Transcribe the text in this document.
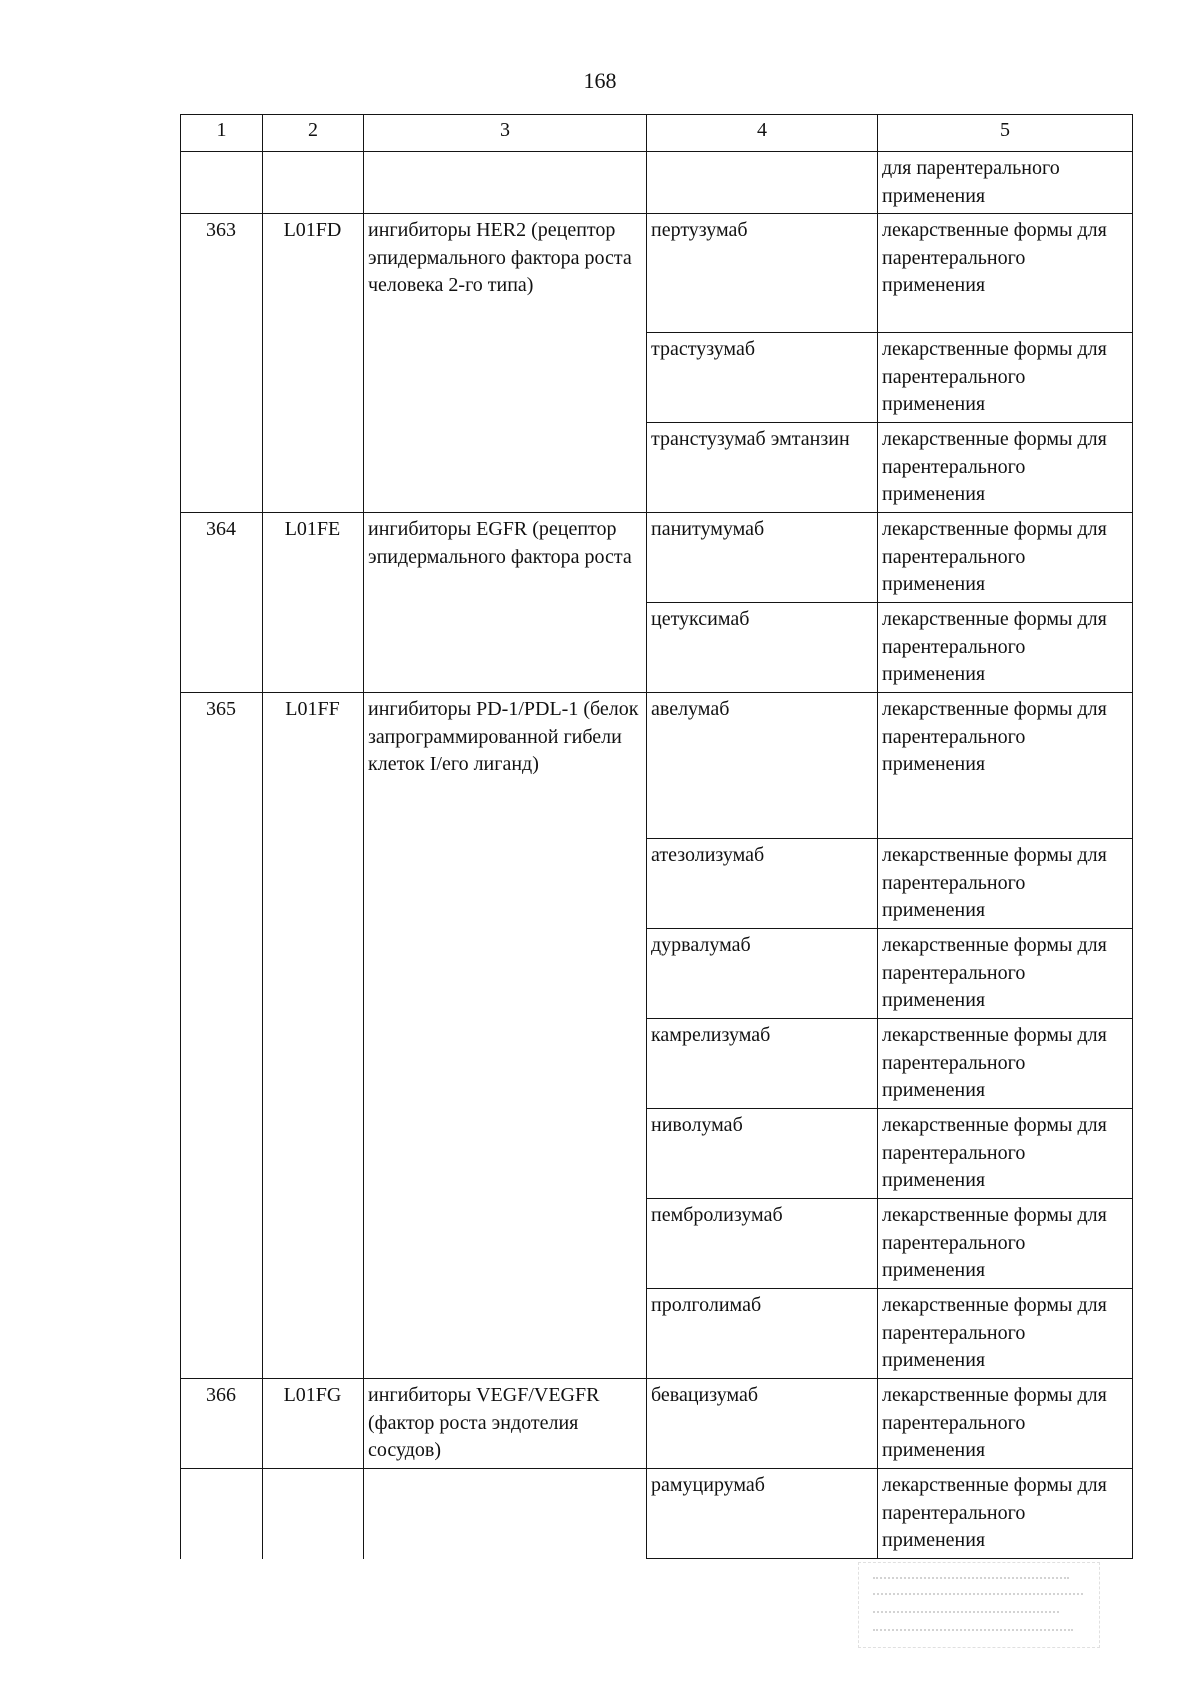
168
1	2	3	4	5
				для парентерального применения
363	L01FD	ингибиторы HER2 (рецептор эпидермального фактора роста человека 2-го типа)	пертузумаб	лекарственные формы для парентерального применения
			трастузумаб	лекарственные формы для парентерального применения
			транстузумаб эмтанзин	лекарственные формы для парентерального применения
364	L01FE	ингибиторы EGFR (рецептор эпидермального фактора роста	панитумумаб	лекарственные формы для парентерального применения
			цетуксимаб	лекарственные формы для парентерального применения
365	L01FF	ингибиторы PD-1/PDL-1 (белок запрограммированной гибели клеток I/его лиганд)	авелумаб	лекарственные формы для парентерального применения
			атезолизумаб	лекарственные формы для парентерального применения
			дурвалумаб	лекарственные формы для парентерального применения
			камрелизумаб	лекарственные формы для парентерального применения
			ниволумаб	лекарственные формы для парентерального применения
			пембролизумаб	лекарственные формы для парентерального применения
			пролголимаб	лекарственные формы для парентерального применения
366	L01FG	ингибиторы VEGF/VEGFR (фактор роста эндотелия сосудов)	бевацизумаб	лекарственные формы для парентерального применения
			рамуцирумаб	лекарственные формы для парентерального применения
